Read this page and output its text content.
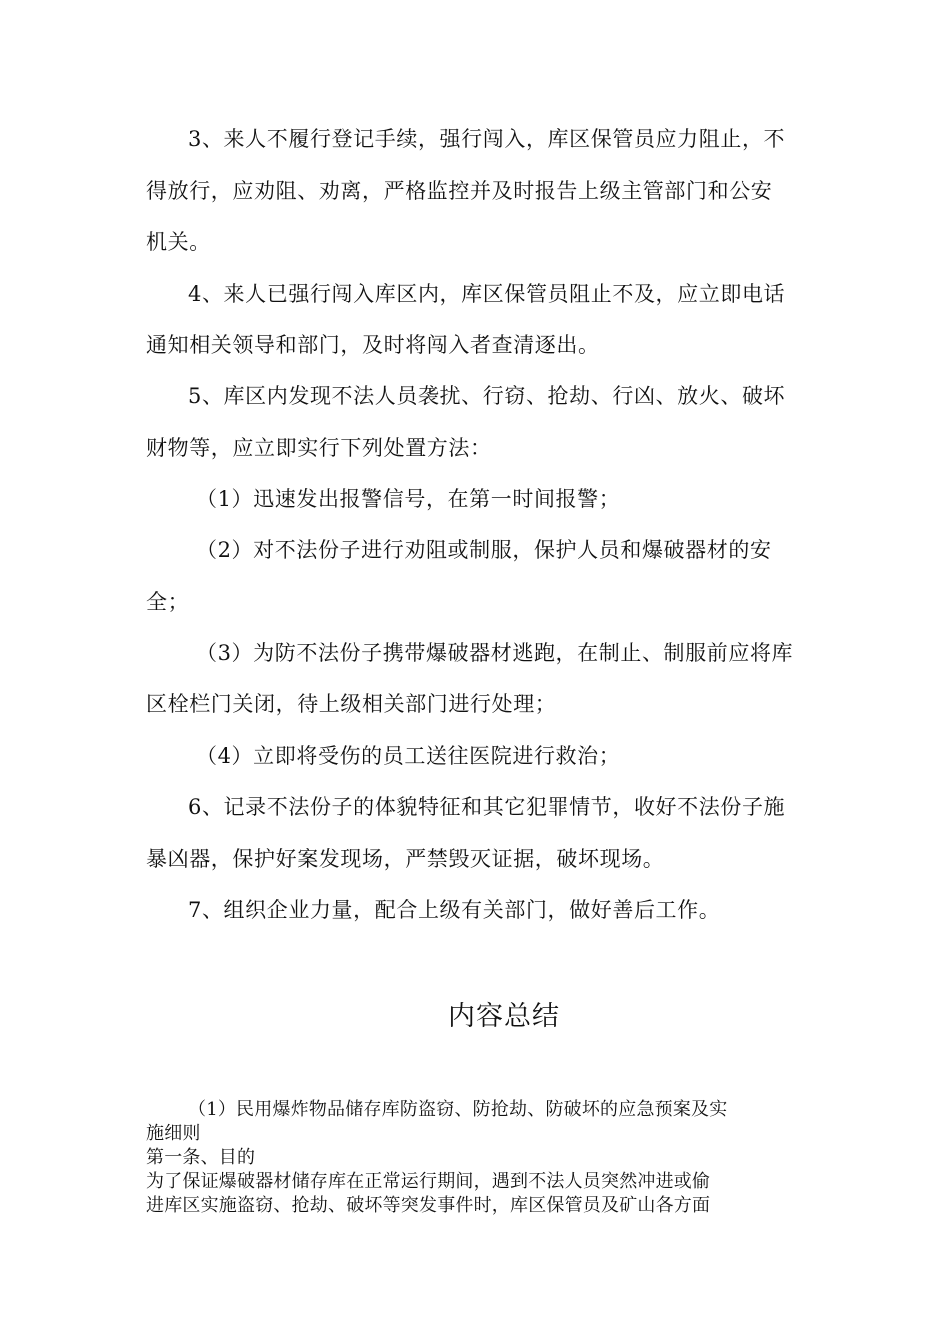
3、来人不履行登记手续，强行闯入，库区保管员应力阻止，不
得放行，应劝阻、劝离，严格监控并及时报告上级主管部门和公安
机关。
4、来人已强行闯入库区内，库区保管员阻止不及，应立即电话
通知相关领导和部门，及时将闯入者查清逐出。
5、库区内发现不法人员袭扰、行窃、抢劫、行凶、放火、破坏
财物等，应立即实行下列处置方法：
（1）迅速发出报警信号，在第一时间报警；
（2）对不法份子进行劝阻或制服，保护人员和爆破器材的安
全；
（3）为防不法份子携带爆破器材逃跑，在制止、制服前应将库
区栓栏门关闭，待上级相关部门进行处理；
（4）立即将受伤的员工送往医院进行救治；
6、记录不法份子的体貌特征和其它犯罪情节，收好不法份子施
暴凶器，保护好案发现场，严禁毁灭证据，破坏现场。
7、组织企业力量，配合上级有关部门，做好善后工作。
内容总结
（1）民用爆炸物品储存库防盗窃、防抢劫、防破坏的应急预案及实
施细则
第一条、目的
为了保证爆破器材储存库在正常运行期间，遇到不法人员突然冲进或偷
进库区实施盗窃、抢劫、破坏等突发事件时，库区保管员及矿山各方面
